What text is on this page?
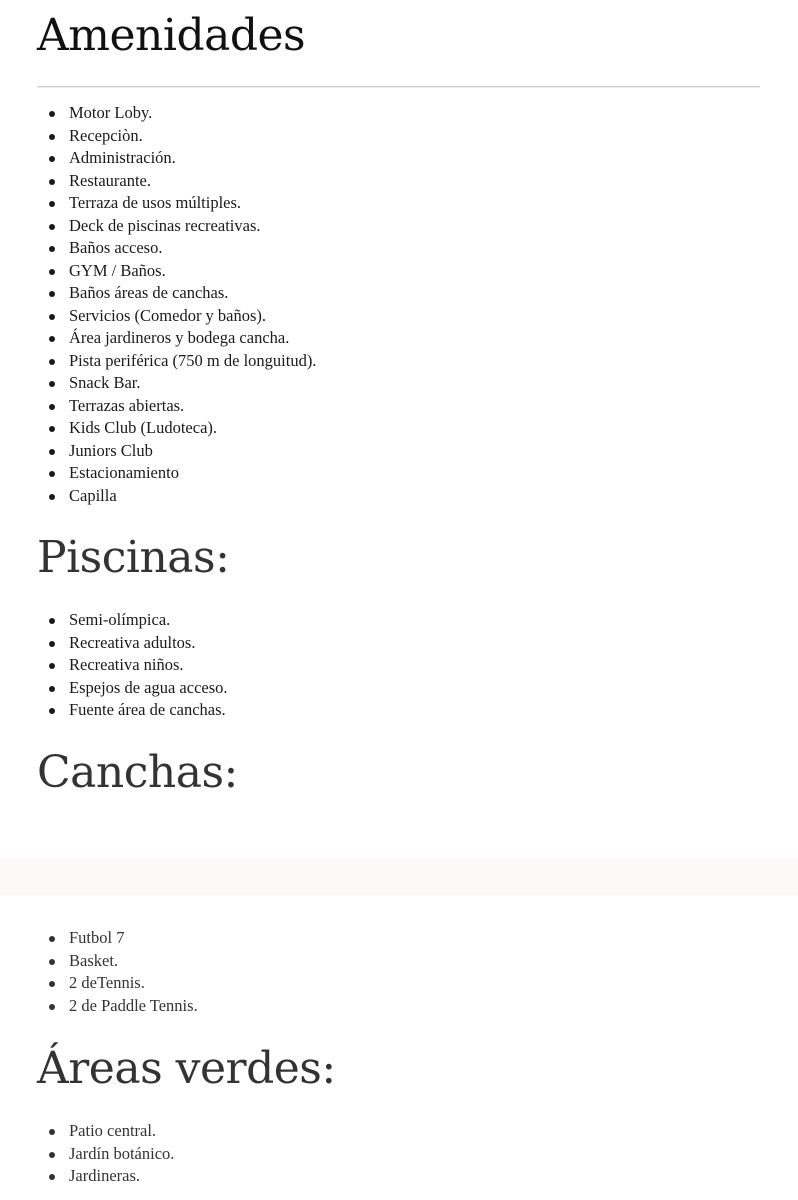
Amenidades
Motor Loby.
Recepciòn.
Administración.
Restaurante.
Terraza de usos múltiples.
Deck de piscinas recreativas.
Baños acceso.
GYM / Baños.
Baños áreas de canchas.
Servicios (Comedor y baños).
Área jardineros y bodega cancha.
Pista periférica (750 m de longuitud).
Snack Bar.
Terrazas abiertas.
Kids Club (Ludoteca).
Juniors Club
Estacionamiento
Capilla
Piscinas:
Semi-olímpica.
Recreativa adultos.
Recreativa niños.
Espejos de agua acceso.
Fuente área de canchas.
Canchas:
Futbol 7
Basket.
2 deTennis.
2 de Paddle Tennis.
Áreas verdes:
Patio central.
Jardín botánico.
Jardineras.
